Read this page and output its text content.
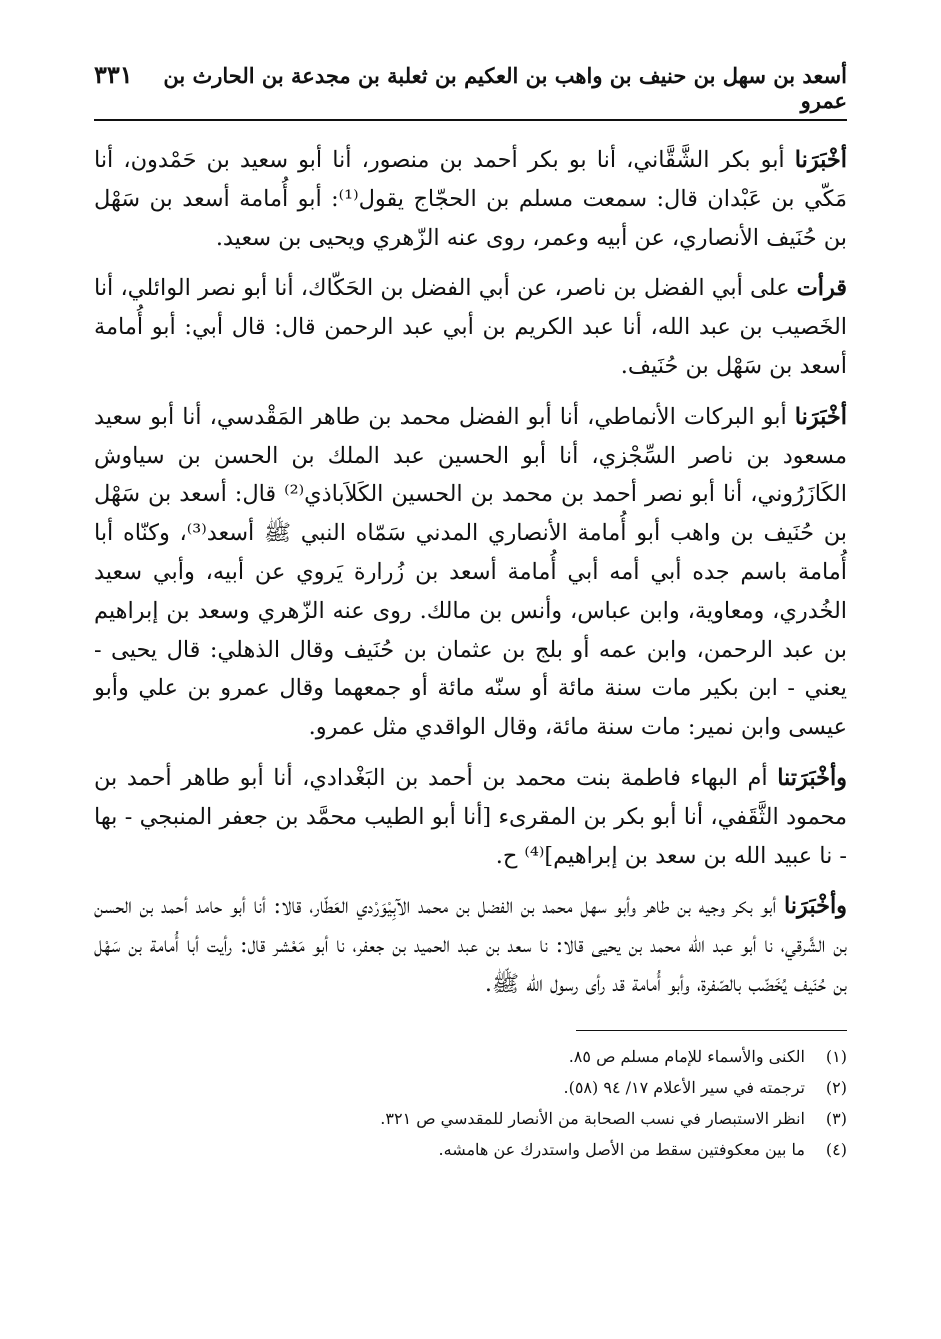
أسعد بن سهل بن حنيف بن واهب بن العكيم بن ثعلبة بن مجدعة بن الحارث بن عمرو
٣٣١

أخْبَرَنا أبو بكر الشَّقَّاني، أنا بو بكر أحمد بن منصور، أنا أبو سعيد بن حَمْدون، أنا مَكّي بن عَبْدان قال: سمعت مسلم بن الحجّاج يقول⁽¹⁾: أبو أُمامة أسعد بن سَهْل بن حُنَيف الأنصاري، عن أبيه وعمر، روى عنه الزّهري ويحيى بن سعيد.

قرأت على أبي الفضل بن ناصر، عن أبي الفضل بن الحَكّاك، أنا أبو نصر الوائلي، أنا الخَصيب بن عبد الله، أنا عبد الكريم بن أبي عبد الرحمن قال: قال أبي: أبو أُمامة أسعد بن سَهْل بن حُنَيف.

أخْبَرَنا أبو البركات الأنماطي، أنا أبو الفضل محمد بن طاهر المَقْدسي، أنا أبو سعيد مسعود بن ناصر السِّجْزي، أنا أبو الحسين عبد الملك بن الحسن بن سياوش الكَازَرُوني، أنا أبو نصر أحمد بن محمد بن الحسين الكَلاَباذي⁽²⁾ قال: أسعد بن سَهْل بن حُنَيف بن واهب أبو أُمامة الأنصاري المدني سَمّاه النبي ﷺ أسعد⁽³⁾، وكنّاه أبا أُمامة باسم جده أبي أمه أبي أُمامة أسعد بن زُرارة يَروي عن أبيه، وأبي سعيد الخُدري، ومعاوية، وابن عباس، وأنس بن مالك. روى عنه الزّهري وسعد بن إبراهيم بن عبد الرحمن، وابن عمه أو بلج بن عثمان بن حُنَيف وقال الذهلي: قال يحيى - يعني - ابن بكير مات سنة مائة أو سنّه مائة أو جمعهما وقال عمرو بن علي وأبو عيسى وابن نمير: مات سنة مائة، وقال الواقدي مثل عمرو.

وأخْبَرَتنا أم البهاء فاطمة بنت محمد بن أحمد بن البَغْدادي، أنا أبو طاهر أحمد بن محمود الثَّقَفي، أنا أبو بكر بن المقرىء [أنا أبو الطيب محمَّد بن جعفر المنبجي - بها - نا عبيد الله بن سعد بن إبراهيم]⁽⁴⁾ ح.

وأخْبَرَنا أبو بكر وجيه بن طاهر وأبو سهل محمد بن الفضل بن محمد الآبِيْوَرْدي العَطّار، قالا: أنا أبو حامد أحمد بن الحسن بن الشَّرقي، نا أبو عبد الله محمد بن يحيى قالا: نا سعد بن عبد الحميد بن جعفر، نا أبو مَعْشر قال: رأيت أبا أُمامة بن سَهْل بن حُنَيف يُخَضّب بالصّفرة، وأبو أُمامة قد رأى رسول الله ﷺ.

(١)
الكنى والأسماء للإمام مسلم ص ٨٥.
(٢)
ترجمته في سير الأعلام ١٧/ ٩٤ (٥٨).
(٣)
انظر الاستبصار في نسب الصحابة من الأنصار للمقدسي ص ٣٢١.
(٤)
ما بين معكوفتين سقط من الأصل واستدرك عن هامشه.
